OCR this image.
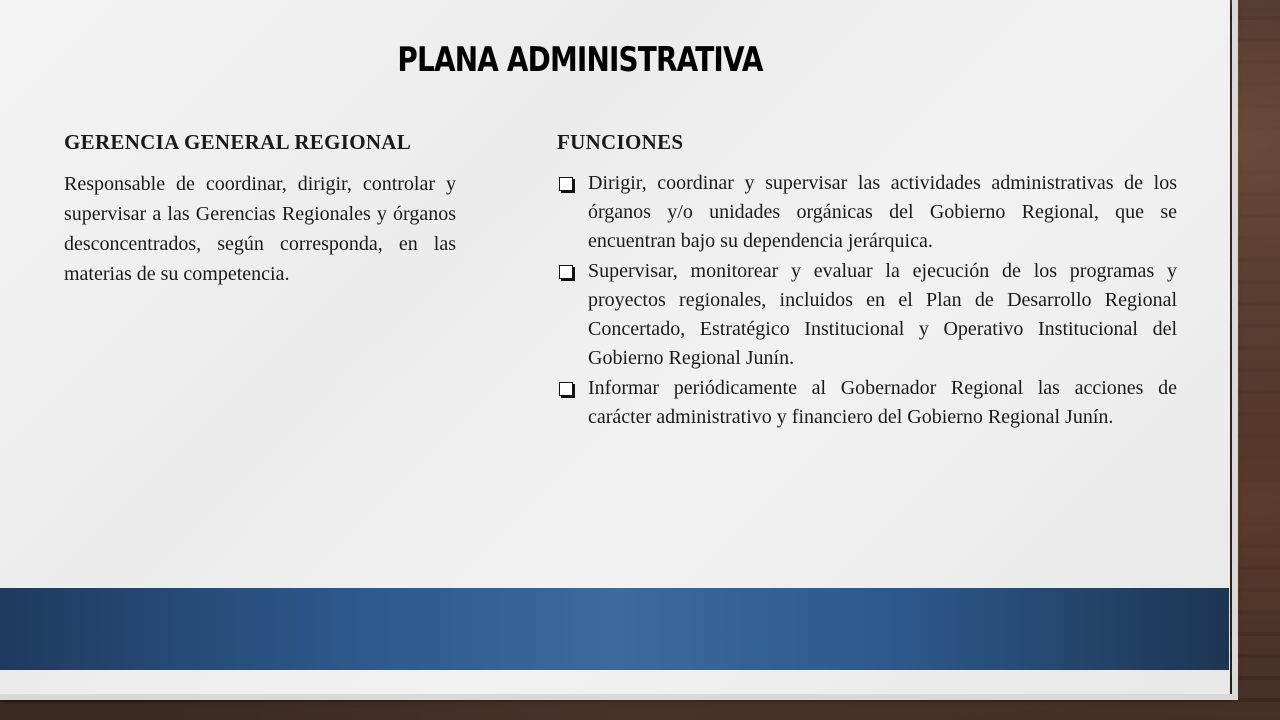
PLANA ADMINISTRATIVA
GERENCIA GENERAL REGIONAL

Responsable de coordinar, dirigir, controlar y supervisar a las Gerencias Regionales y órganos desconcentrados, según corresponda, en las materias de su competencia.

FUNCIONES
Dirigir, coordinar y supervisar las actividades administrativas de los órganos y/o unidades orgánicas del Gobierno Regional, que se encuentran bajo su dependencia jerárquica.
Supervisar, monitorear y evaluar la ejecución de los programas y proyectos regionales, incluidos en el Plan de Desarrollo Regional Concertado, Estratégico Institucional y Operativo Institucional del Gobierno Regional Junín.
Informar periódicamente al Gobernador Regional las acciones de carácter administrativo y financiero del Gobierno Regional Junín.
